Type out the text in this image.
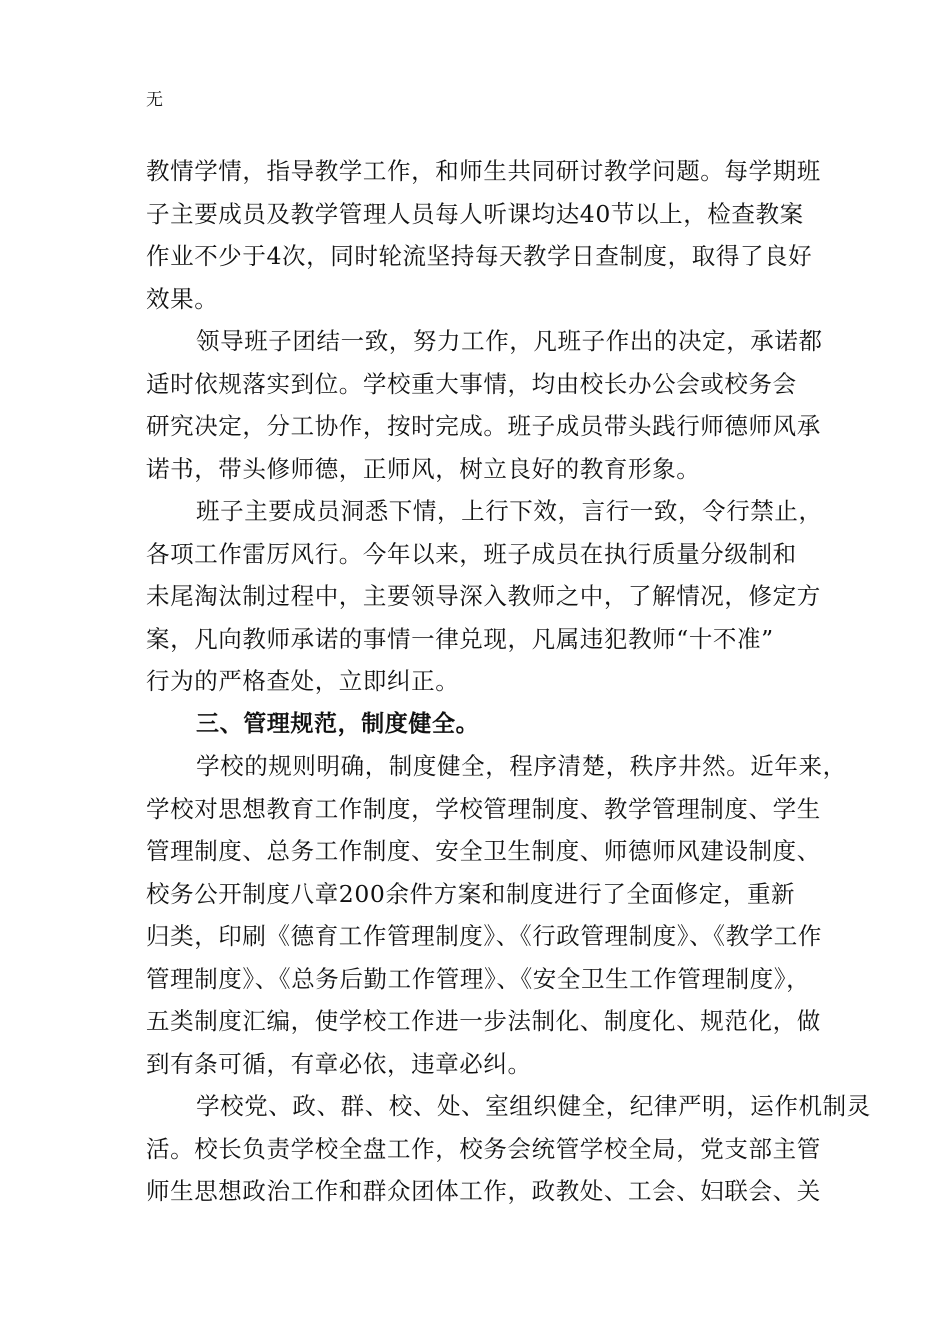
无
教情学情，指导教学工作，和师生共同研讨教学问题。每学期班
子主要成员及教学管理人员每人听课均达40节以上，检查教案
作业不少于4次，同时轮流坚持每天教学日查制度，取得了良好
效果。
领导班子团结一致，努力工作，凡班子作出的决定，承诺都
适时依规落实到位。学校重大事情，均由校长办公会或校务会
研究决定，分工协作，按时完成。班子成员带头践行师德师风承
诺书，带头修师德，正师风，树立良好的教育形象。
班子主要成员洞悉下情，上行下效，言行一致，令行禁止，
各项工作雷厉风行。今年以来，班子成员在执行质量分级制和
未尾淘汰制过程中，主要领导深入教师之中，了解情况，修定方
案，凡向教师承诺的事情一律兑现，凡属违犯教师“十不准”
行为的严格查处，立即纠正。
三、管理规范，制度健全。
学校的规则明确，制度健全，程序清楚，秩序井然。近年来，
学校对思想教育工作制度，学校管理制度、教学管理制度、学生
管理制度、总务工作制度、安全卫生制度、师德师风建设制度、
校务公开制度八章200余件方案和制度进行了全面修定，重新
归类，印刷《德育工作管理制度》、《行政管理制度》、《教学工作
管理制度》、《总务后勤工作管理》、《安全卫生工作管理制度》，
五类制度汇编，使学校工作进一步法制化、制度化、规范化，做
到有条可循，有章必依，违章必纠。
学校党、政、群、校、处、室组织健全，纪律严明，运作机制灵
活。校长负责学校全盘工作，校务会统管学校全局，党支部主管
师生思想政治工作和群众团体工作，政教处、工会、妇联会、关
